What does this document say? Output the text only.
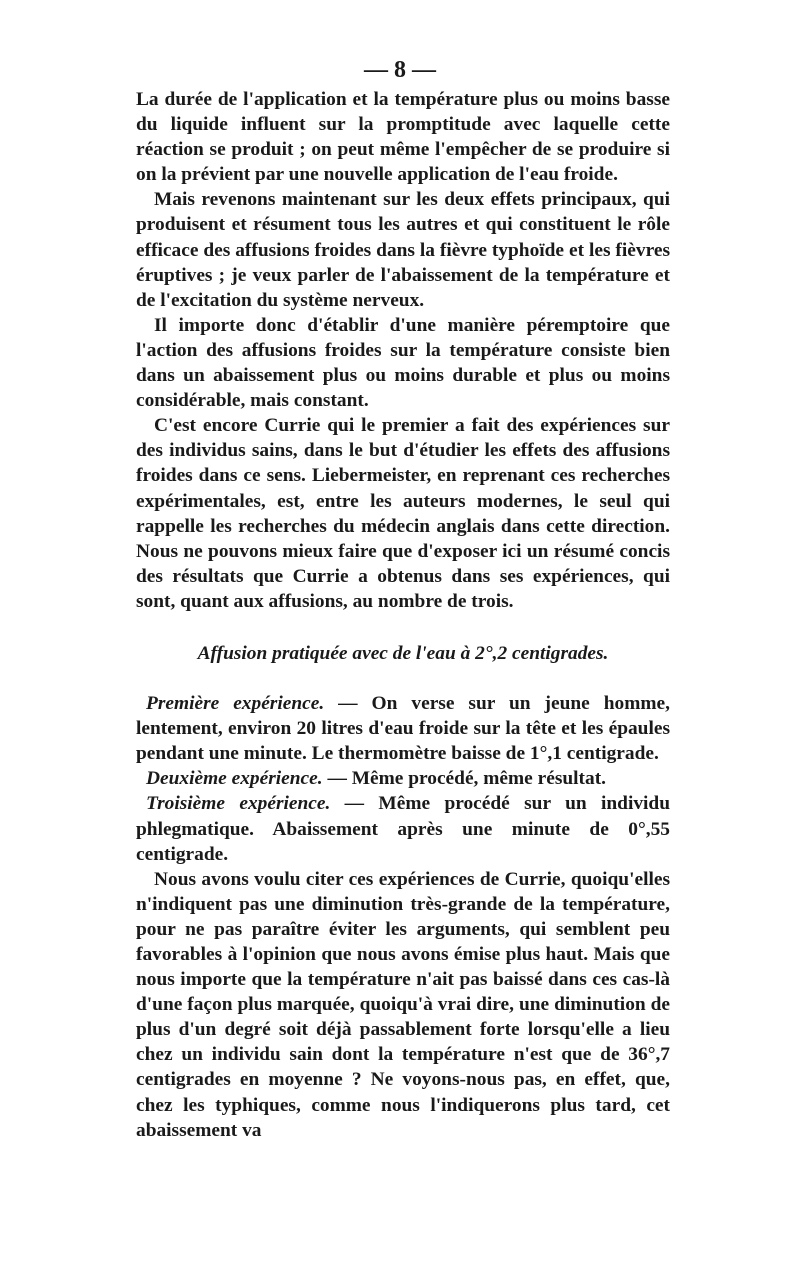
— 8 —

La durée de l'application et la température plus ou moins basse du liquide influent sur la promptitude avec laquelle cette réaction se produit ; on peut même l'empêcher de se produire si on la prévient par une nouvelle application de l'eau froide.

Mais revenons maintenant sur les deux effets principaux, qui produisent et résument tous les autres et qui constituent le rôle efficace des affusions froides dans la fièvre typhoïde et les fièvres éruptives ; je veux parler de l'abaissement de la température et de l'excitation du système nerveux.

Il importe donc d'établir d'une manière péremptoire que l'action des affusions froides sur la température consiste bien dans un abaissement plus ou moins durable et plus ou moins considérable, mais constant.

C'est encore Currie qui le premier a fait des expériences sur des individus sains, dans le but d'étudier les effets des affusions froides dans ce sens. Liebermeister, en reprenant ces recherches expérimentales, est, entre les auteurs modernes, le seul qui rappelle les recherches du médecin anglais dans cette direction. Nous ne pouvons mieux faire que d'exposer ici un résumé concis des résultats que Currie a obtenus dans ses expériences, qui sont, quant aux affusions, au nombre de trois.

Affusion pratiquée avec de l'eau à 2°,2 centigrades.

Première expérience. — On verse sur un jeune homme, lentement, environ 20 litres d'eau froide sur la tête et les épaules pendant une minute. Le thermomètre baisse de 1°,1 centigrade.

Deuxième expérience. — Même procédé, même résultat.

Troisième expérience. — Même procédé sur un individu phlegmatique. Abaissement après une minute de 0°,55 centigrade.

Nous avons voulu citer ces expériences de Currie, quoiqu'elles n'indiquent pas une diminution très-grande de la température, pour ne pas paraître éviter les arguments, qui semblent peu favorables à l'opinion que nous avons émise plus haut. Mais que nous importe que la température n'ait pas baissé dans ces cas-là d'une façon plus marquée, quoiqu'à vrai dire, une diminution de plus d'un degré soit déjà passablement forte lorsqu'elle a lieu chez un individu sain dont la température n'est que de 36°,7 centigrades en moyenne ? Ne voyons-nous pas, en effet, que, chez les typhiques, comme nous l'indiquerons plus tard, cet abaissement va
